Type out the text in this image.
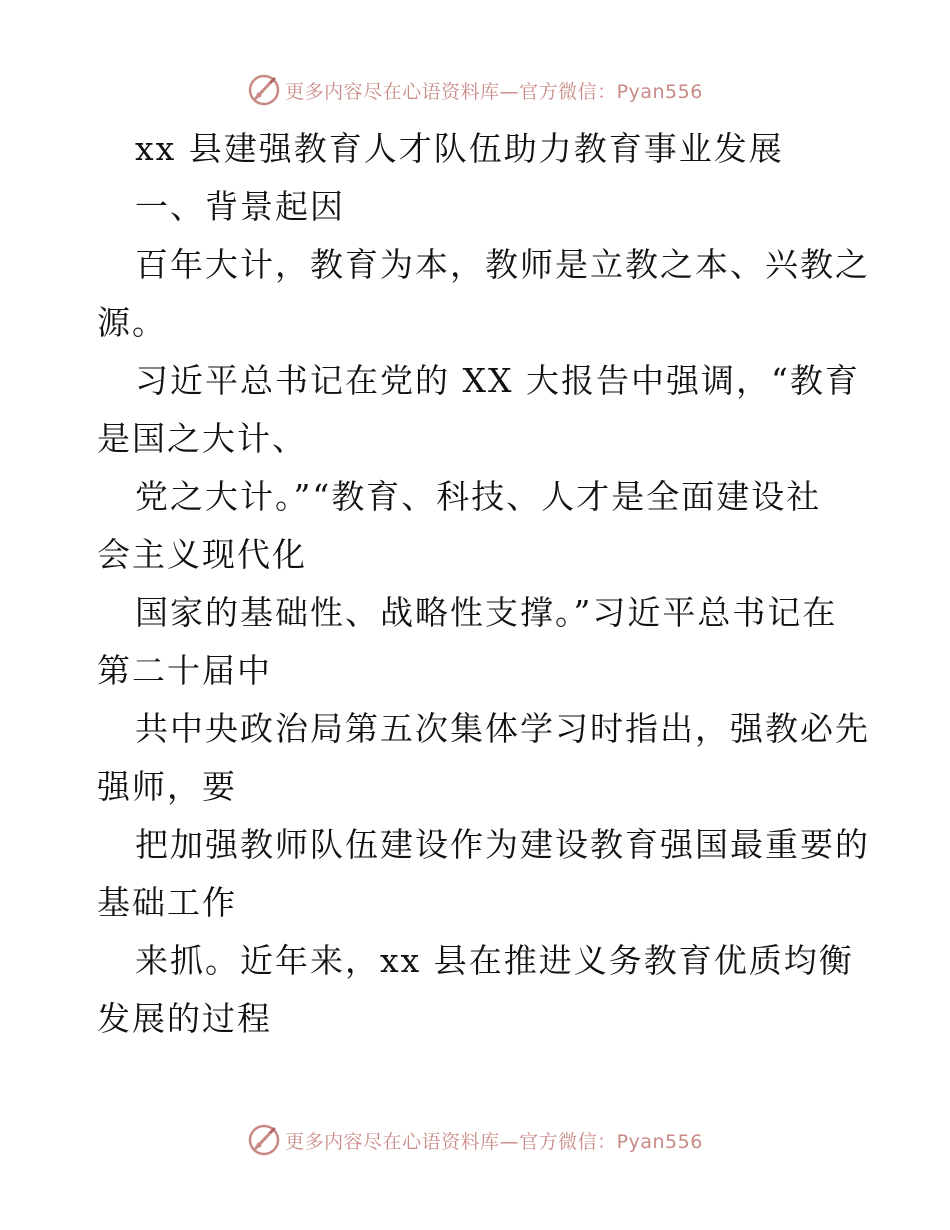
更多内容尽在心语资料库—官方微信：Pyan556
xx 县建强教育人才队伍助力教育事业发展
一、背景起因
百年大计，教育为本，教师是立教之本、兴教之
源。
习近平总书记在党的 XX 大报告中强调，“教育
是国之大计、
党之大计。”“教育、科技、人才是全面建设社
会主义现代化
国家的基础性、战略性支撑。”习近平总书记在
第二十届中
共中央政治局第五次集体学习时指出，强教必先
强师，要
把加强教师队伍建设作为建设教育强国最重要的
基础工作
来抓。近年来，xx 县在推进义务教育优质均衡
发展的过程
更多内容尽在心语资料库—官方微信：Pyan556
